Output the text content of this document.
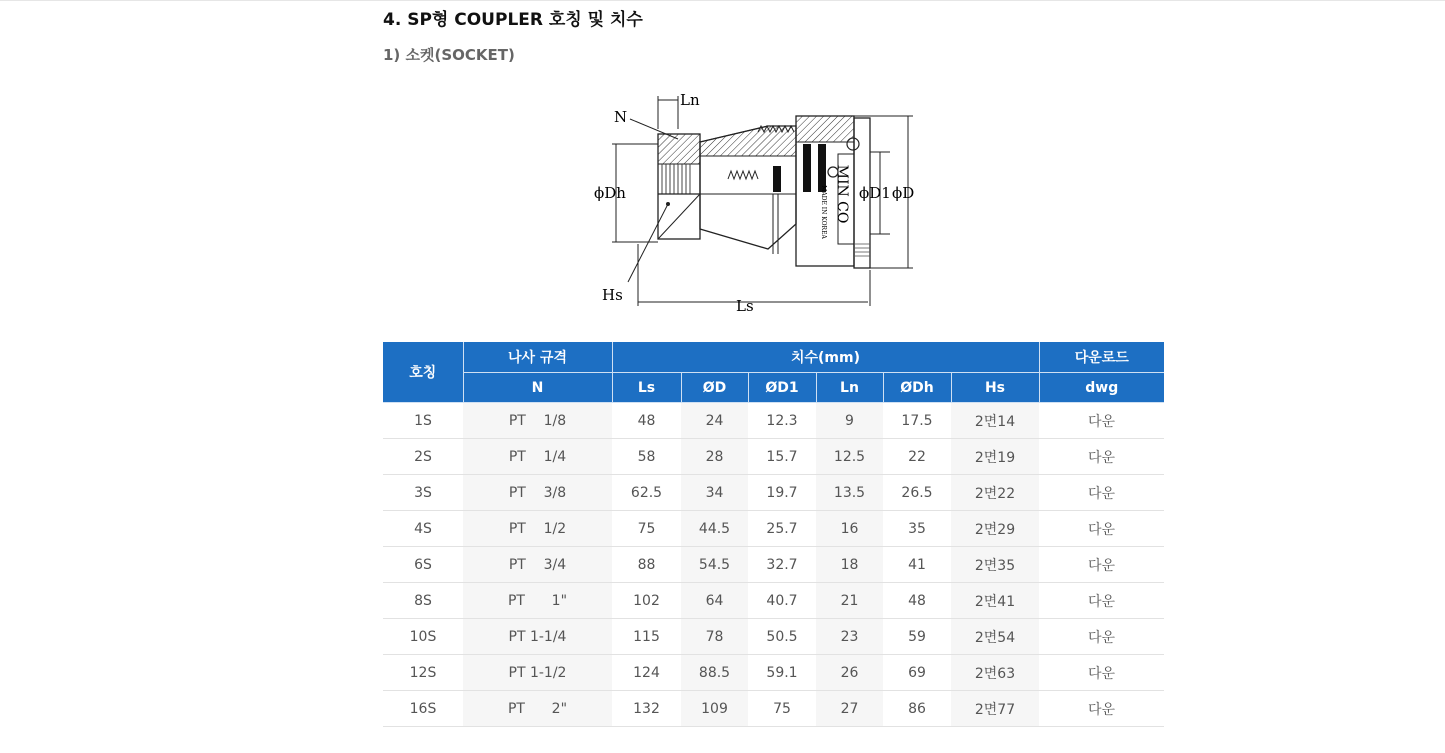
4. SP형 COUPLER 호칭 및 치수
1) 소켓(SOCKET)
MIN CO
MADE IN KOREA
Ln
N
ϕDh
Hs
Ls
ϕD1 ϕD
호칭	나사 규격	치수(mm)						다운로드
	N	Ls	ØD	ØD1	Ln	ØDh	Hs	dwg
1S	PT    1/8	48	24	12.3	9	17.5	2면14	다운
2S	PT    1/4	58	28	15.7	12.5	22	2면19	다운
3S	PT    3/8	62.5	34	19.7	13.5	26.5	2면22	다운
4S	PT    1/2	75	44.5	25.7	16	35	2면29	다운
6S	PT    3/4	88	54.5	32.7	18	41	2면35	다운
8S	PT      1"	102	64	40.7	21	48	2면41	다운
10S	PT 1-1/4	115	78	50.5	23	59	2면54	다운
12S	PT 1-1/2	124	88.5	59.1	26	69	2면63	다운
16S	PT      2"	132	109	75	27	86	2면77	다운
